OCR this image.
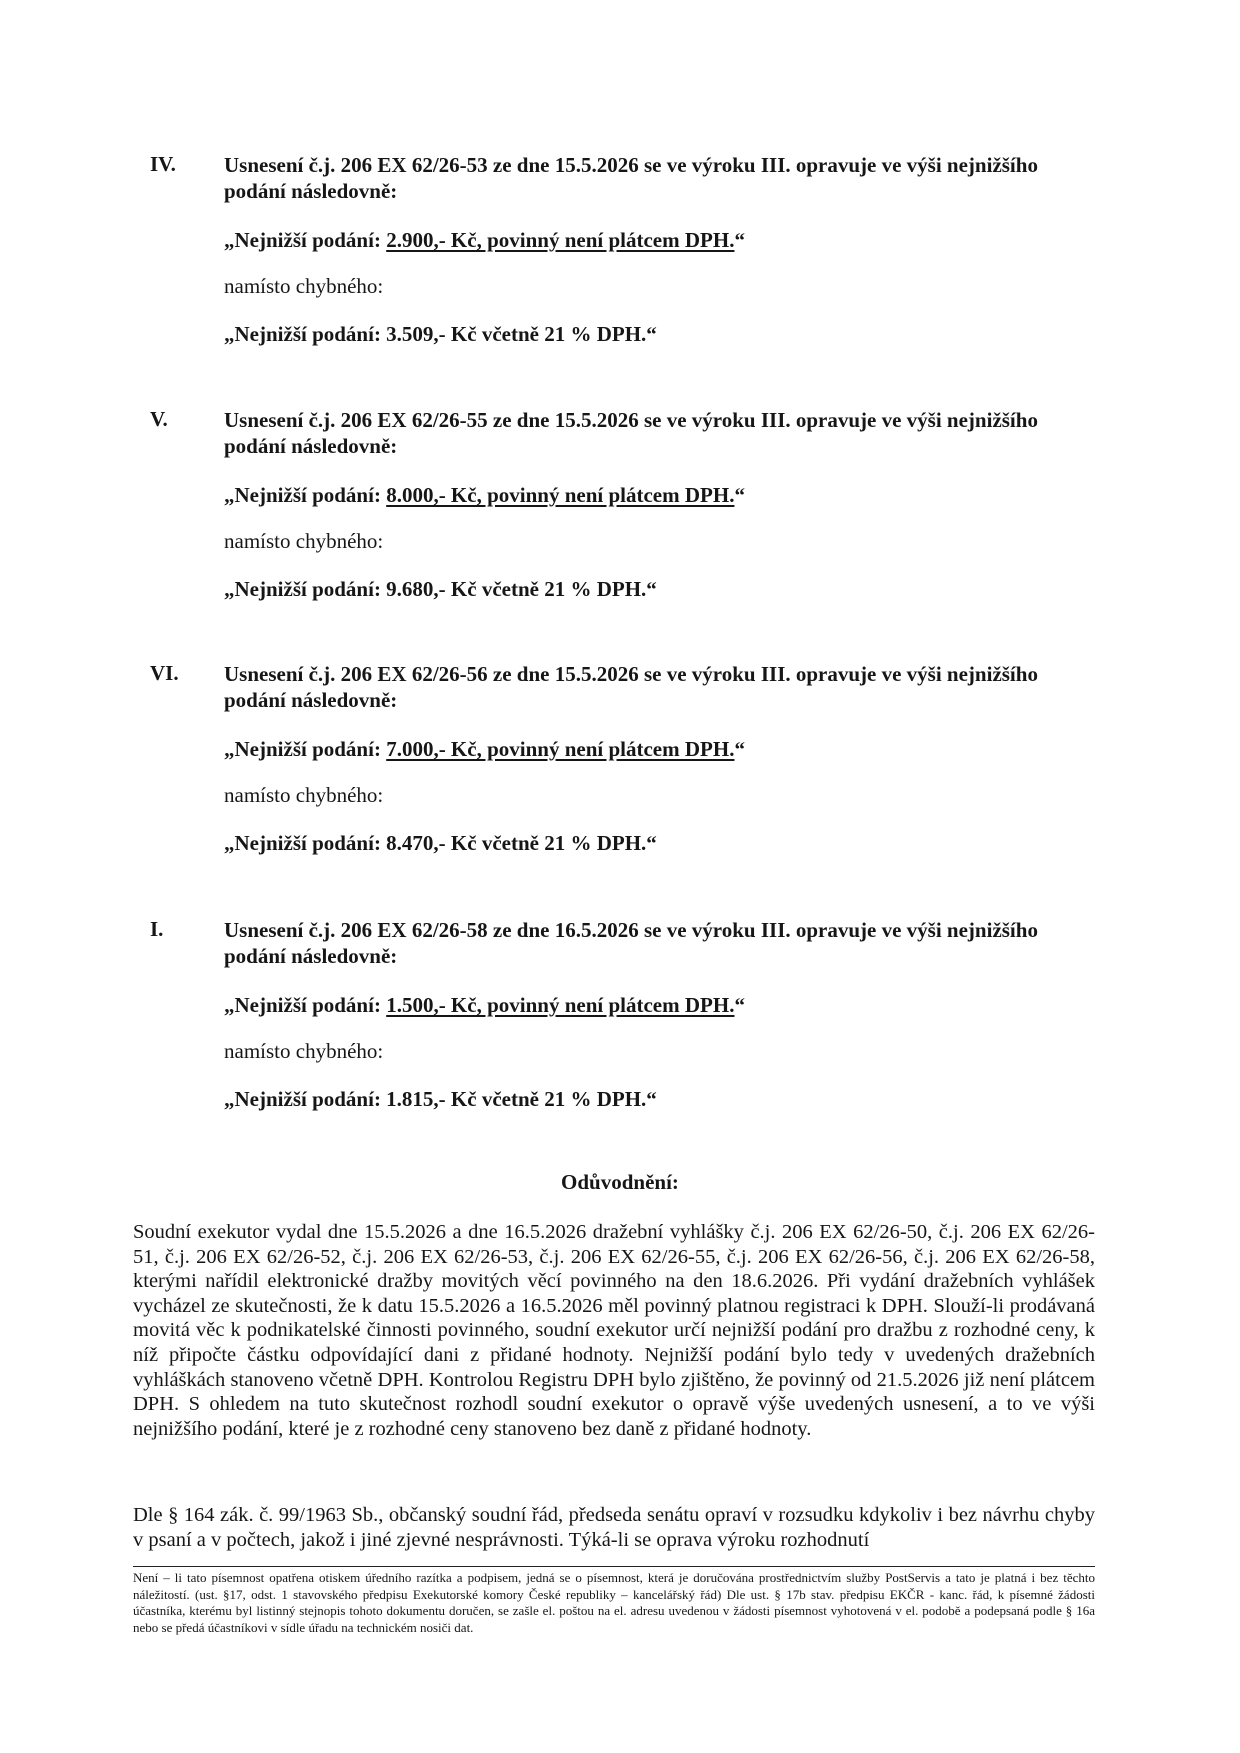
IV. Usnesení č.j. 206 EX 62/26-53 ze dne 15.5.2026 se ve výroku III. opravuje ve výši nejnižšího podání následovně:
„Nejnižší podání: 2.900,- Kč, povinný není plátcem DPH.“
namísto chybného:
„Nejnižší podání: 3.509,- Kč včetně 21 % DPH.“
V.	Usnesení č.j. 206 EX 62/26-55 ze dne 15.5.2026 se ve výroku III. opravuje ve výši nejnižšího podání následovně:
„Nejnižší podání: 8.000,- Kč, povinný není plátcem DPH.“
namísto chybného:
„Nejnižší podání: 9.680,- Kč včetně 21 % DPH.“
VI. Usnesení č.j. 206 EX 62/26-56 ze dne 15.5.2026 se ve výroku III. opravuje ve výši nejnižšího podání následovně:
„Nejnižší podání: 7.000,- Kč, povinný není plátcem DPH.“
namísto chybného:
„Nejnižší podání: 8.470,- Kč včetně 21 % DPH.“
I.	Usnesení č.j. 206 EX 62/26-58 ze dne 16.5.2026 se ve výroku III. opravuje ve výši nejnižšího podání následovně:
„Nejnižší podání: 1.500,- Kč, povinný není plátcem DPH.“
namísto chybného:
„Nejnižší podání: 1.815,- Kč včetně 21 % DPH.“
Odůvodnění:
Soudní exekutor vydal dne 15.5.2026 a dne 16.5.2026 dražební vyhlášky č.j. 206 EX 62/26-50, č.j. 206 EX 62/26-51, č.j. 206 EX 62/26-52, č.j. 206 EX 62/26-53, č.j. 206 EX 62/26-55, č.j. 206 EX 62/26-56, č.j. 206 EX 62/26-58, kterými nařídil elektronické dražby movitých věcí povinného na den 18.6.2026. Při vydání dražebních vyhlášek vycházel ze skutečnosti, že k datu 15.5.2026 a 16.5.2026 měl povinný platnou registraci k DPH. Slouží-li prodávaná movitá věc k podnikatelské činnosti povinného, soudní exekutor určí nejnižší podání pro dražbu z rozhodné ceny, k níž připočte částku odpovídající dani z přidané hodnoty. Nejnižší podání bylo tedy v uvedených dražebních vyhláškách stanoveno včetně DPH. Kontrolou Registru DPH bylo zjištěno, že povinný od 21.5.2026 již není plátcem DPH. S ohledem na tuto skutečnost rozhodl soudní exekutor o opravě výše uvedených usnesení, a to ve výši nejnižšího podání, které je z rozhodné ceny stanoveno bez daně z přidané hodnoty.
Dle § 164 zák. č. 99/1963 Sb., občanský soudní řád, předseda senátu opraví v rozsudku kdykoliv i bez návrhu chyby v psaní a v počtech, jakož i jiné zjevné nesprávnosti. Týká-li se oprava výroku rozhodnutí
Není – li tato písemnost opatřena otiskem úředního razítka a podpisem, jedná se o písemnost, která je doručována prostřednictvím služby PostServis a tato je platná i bez těchto náležitostí. (ust. §17, odst. 1 stavovského předpisu Exekutorské komory České republiky – kancelářský řád) Dle ust. § 17b stav. předpisu EKČR - kanc. řád, k písemné žádosti účastníka, kterému byl listinný stejnopis tohoto dokumentu doručen, se zašle el. poštou na el. adresu uvedenou v žádosti písemnost vyhotovená v el. podobě a podepsaná podle § 16a nebo se předá účastníkovi v sídle úřadu na technickém nosiči dat.
